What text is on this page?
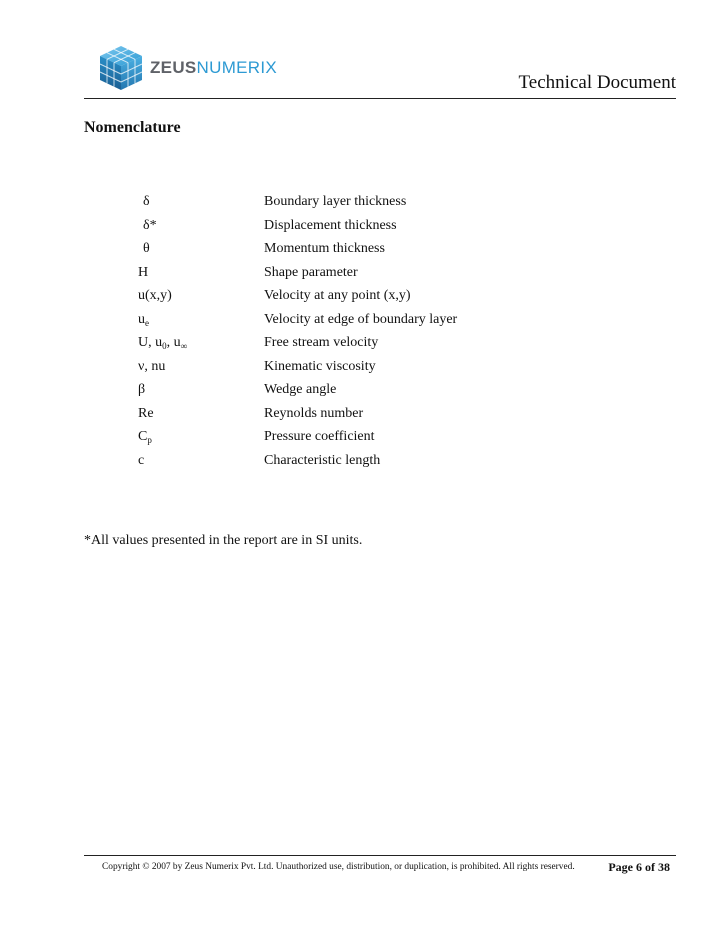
ZEUSNUMERIX
Technical Document
Nomenclature
δ	Boundary layer thickness
δ*	Displacement thickness
θ	Momentum thickness
H	Shape parameter
u(x,y)	Velocity at any point (x,y)
$u_e$	Velocity at edge of boundary layer
U, $u_0$, $u_\infty$	Free stream velocity
ν, nu	Kinematic viscosity
β	Wedge angle
Re	Reynolds number
$C_p$	Pressure coefficient
c	Characteristic length
*All values presented in the report are in SI units.
Copyright © 2007 by Zeus Numerix Pvt. Ltd. Unauthorized use, distribution, or duplication, is prohibited. All rights reserved.	Page 6 of 38
